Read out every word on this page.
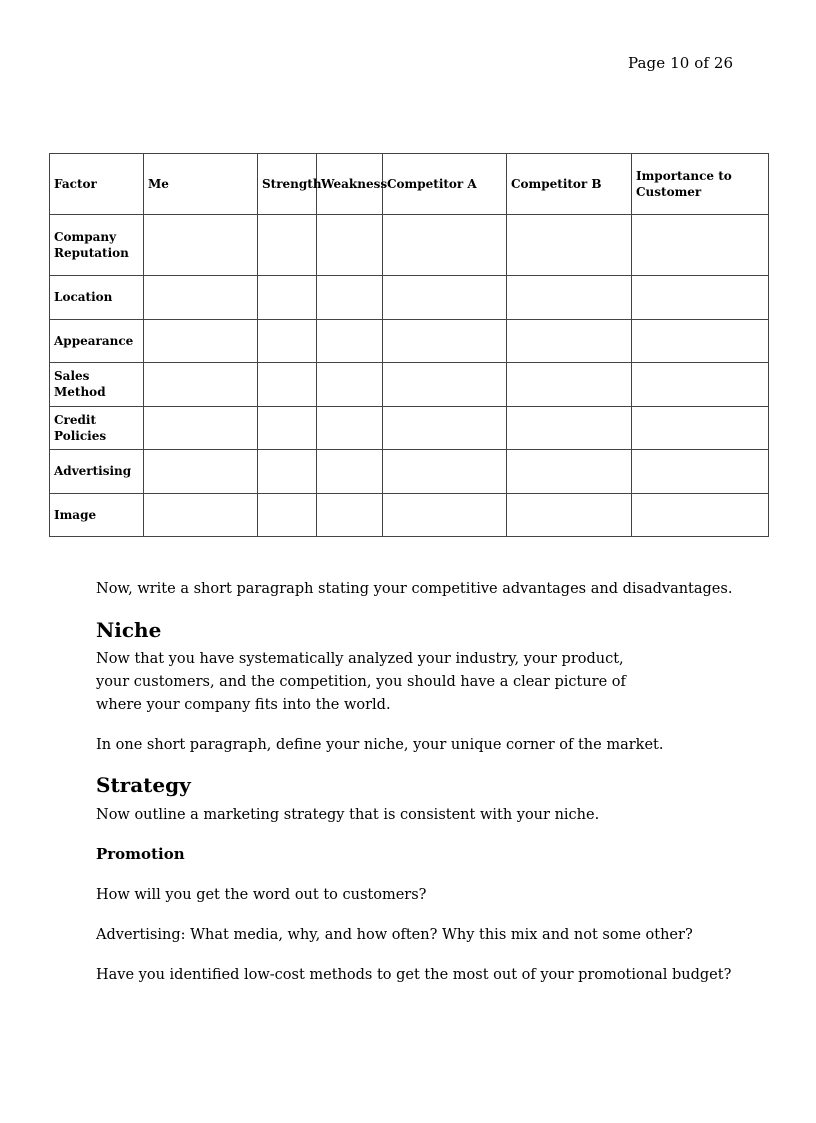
Page 10 of 26
Factor	Me	Strength	Weakness	Competitor A	Competitor B	Importance to Customer
Company Reputation						
Location						
Appearance						
Sales Method						
Credit Policies						
Advertising						
Image						
Now, write a short paragraph stating your competitive advantages and disadvantages.
Niche
Now that you have systematically analyzed your industry, your product, your customers, and the competition, you should have a clear picture of where your company fits into the world.
In one short paragraph, define your niche, your unique corner of the market.
Strategy
Now outline a marketing strategy that is consistent with your niche.
Promotion
How will you get the word out to customers?
Advertising: What media, why, and how often? Why this mix and not some other?
Have you identified low-cost methods to get the most out of your promotional budget?
